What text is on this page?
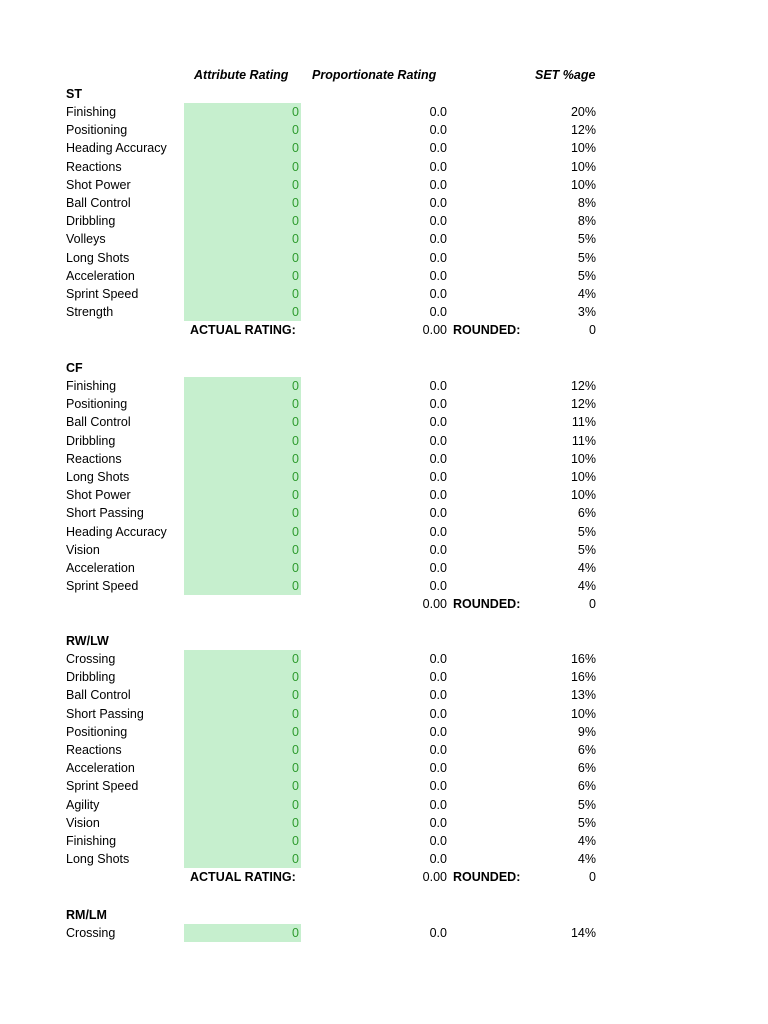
Attribute Rating Proportionate Rating	SET %age
ST
Finishing	0	0.0	20%
Positioning	0	0.0	12%
Heading Accuracy	0	0.0	10%
Reactions	0	0.0	10%
Shot Power	0	0.0	10%
Ball Control	0	0.0	8%
Dribbling	0	0.0	8%
Volleys	0	0.0	5%
Long Shots	0	0.0	5%
Acceleration	0	0.0	5%
Sprint Speed	0	0.0	4%
Strength	0	0.0	3%
ACTUAL RATING:	0.00 ROUNDED:	0
CF
Finishing	0	0.0	12%
Positioning	0	0.0	12%
Ball Control	0	0.0	11%
Dribbling	0	0.0	11%
Reactions	0	0.0	10%
Long Shots	0	0.0	10%
Shot Power	0	0.0	10%
Short Passing	0	0.0	6%
Heading Accuracy	0	0.0	5%
Vision	0	0.0	5%
Acceleration	0	0.0	4%
Sprint Speed	0	0.0	4%
0.00 ROUNDED:	0
RW/LW
Crossing	0	0.0	16%
Dribbling	0	0.0	16%
Ball Control	0	0.0	13%
Short Passing	0	0.0	10%
Positioning	0	0.0	9%
Reactions	0	0.0	6%
Acceleration	0	0.0	6%
Sprint Speed	0	0.0	6%
Agility	0	0.0	5%
Vision	0	0.0	5%
Finishing	0	0.0	4%
Long Shots	0	0.0	4%
ACTUAL RATING:	0.00 ROUNDED:	0
RM/LM
Crossing	0	0.0	14%
